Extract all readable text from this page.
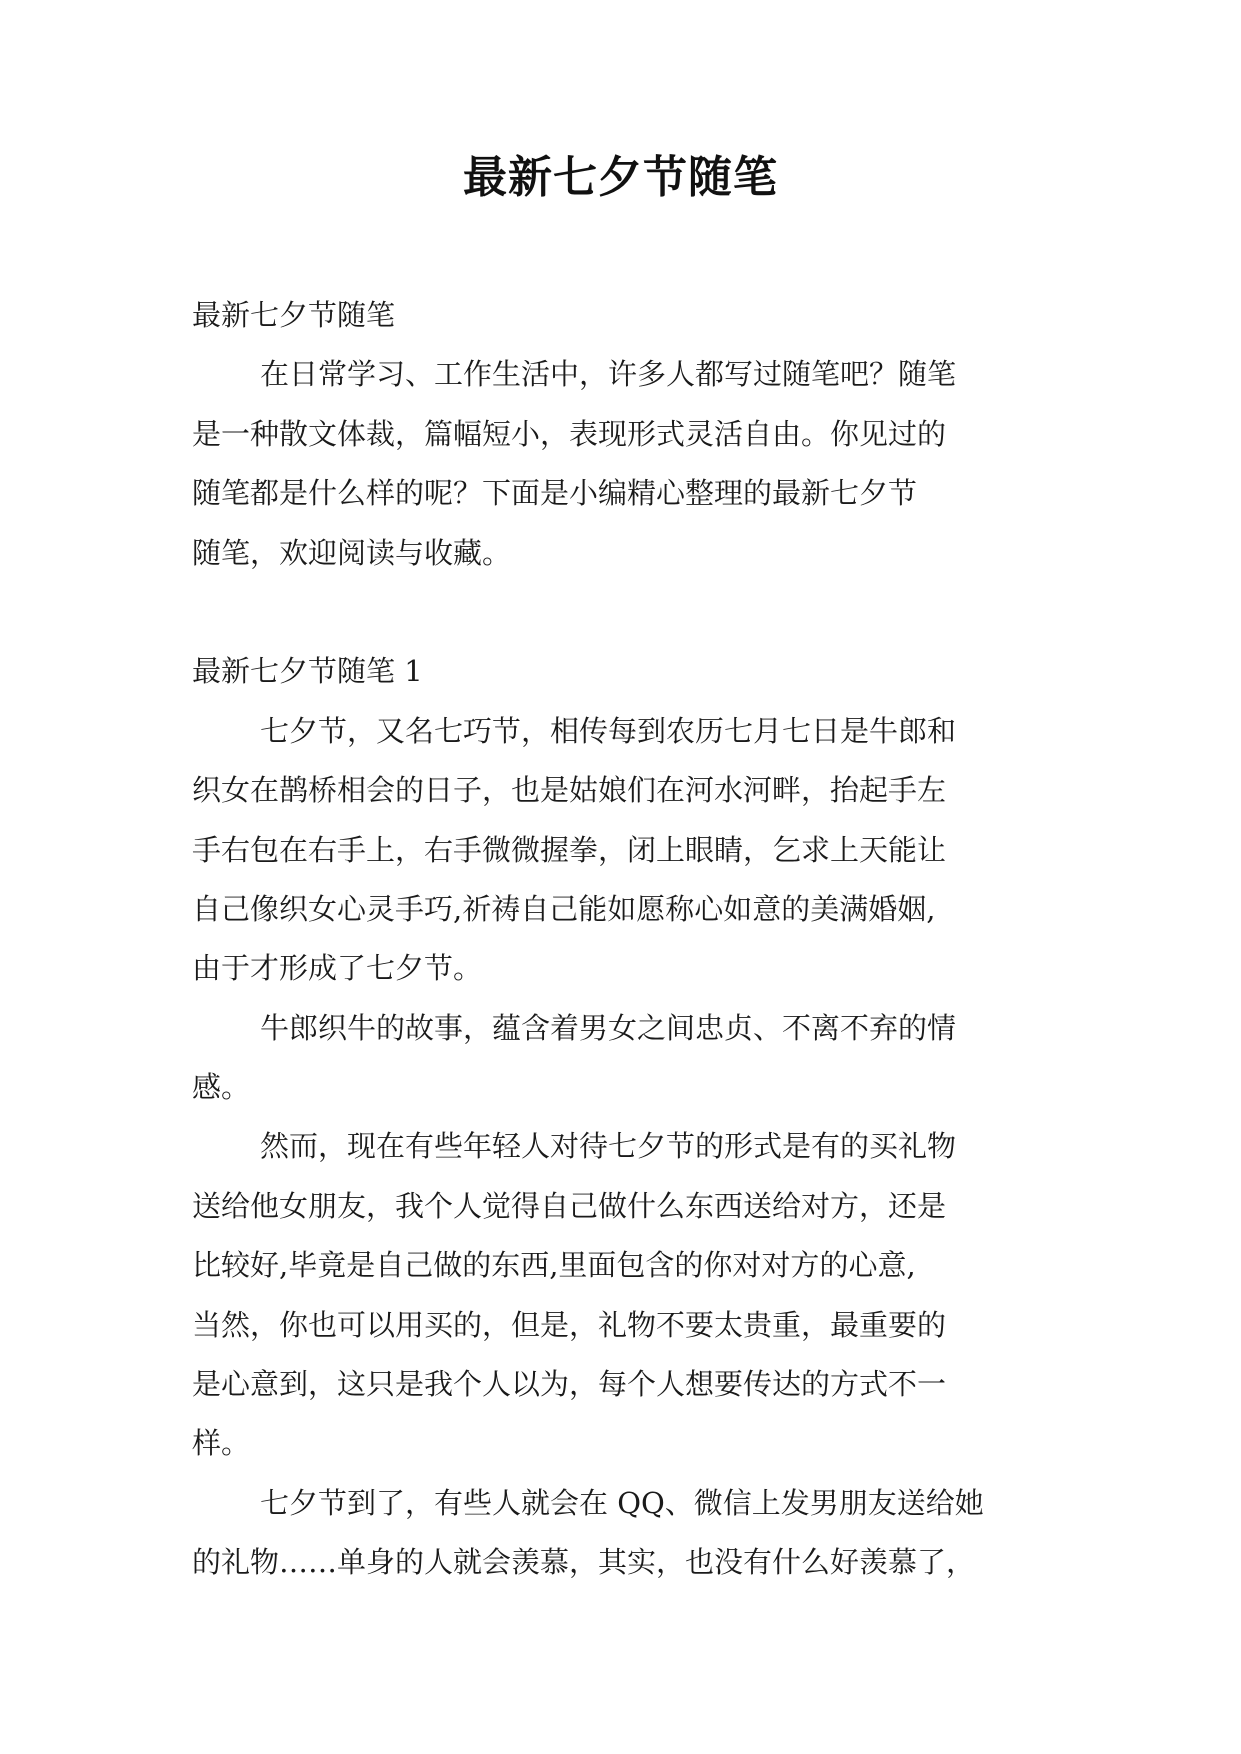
最新七夕节随笔
最新七夕节随笔
在日常学习、工作生活中，许多人都写过随笔吧？随笔
是一种散文体裁，篇幅短小，表现形式灵活自由。你见过的
随笔都是什么样的呢？下面是小编精心整理的最新七夕节
随笔，欢迎阅读与收藏。
最新七夕节随笔 1
七夕节，又名七巧节，相传每到农历七月七日是牛郎和
织女在鹊桥相会的日子，也是姑娘们在河水河畔，抬起手左
手右包在右手上，右手微微握拳，闭上眼睛，乞求上天能让
自己像织女心灵手巧,祈祷自己能如愿称心如意的美满婚姻,
由于才形成了七夕节。
牛郎织牛的故事，蕴含着男女之间忠贞、不离不弃的情
感。
然而，现在有些年轻人对待七夕节的形式是有的买礼物
送给他女朋友，我个人觉得自己做什么东西送给对方，还是
比较好,毕竟是自己做的东西,里面包含的你对对方的心意,
当然，你也可以用买的，但是，礼物不要太贵重，最重要的
是心意到，这只是我个人以为，每个人想要传达的方式不一
样。
七夕节到了，有些人就会在 QQ、微信上发男朋友送给她
的礼物……单身的人就会羡慕，其实，也没有什么好羡慕了，
